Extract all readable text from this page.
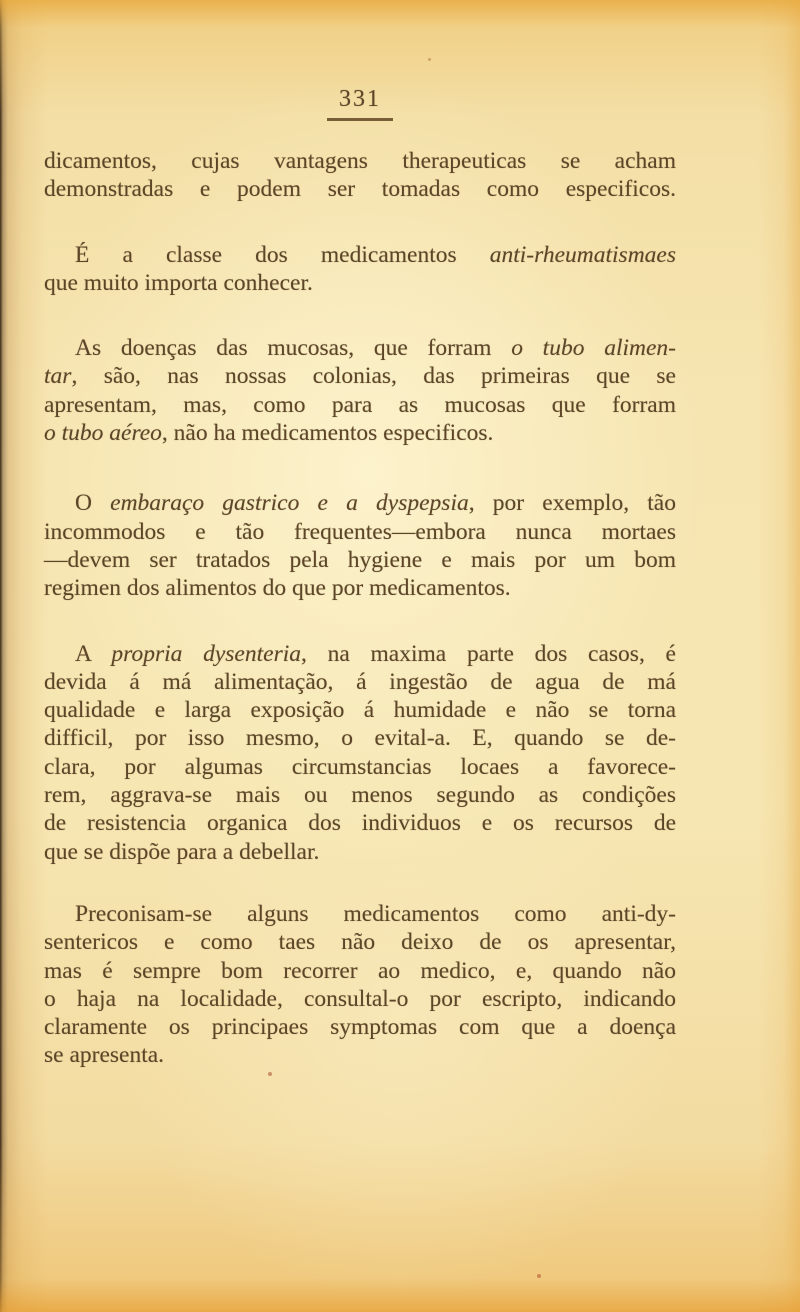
331
dicamentos, cujas vantagens therapeuticas se acham
demonstradas e podem ser tomadas como especificos.
É a classe dos medicamentos anti-rheumatismaes
que muito importa conhecer.
As doenças das mucosas, que forram o tubo alimen-
tar, são, nas nossas colonias, das primeiras que se
apresentam, mas, como para as mucosas que forram
o tubo aéreo, não ha medicamentos especificos.
O embaraço gastrico e a dyspepsia, por exemplo, tão
incommodos e tão frequentes—embora nunca mortaes
—devem ser tratados pela hygiene e mais por um bom
regimen dos alimentos do que por medicamentos.
A propria dysenteria, na maxima parte dos casos, é
devida á má alimentação, á ingestão de agua de má
qualidade e larga exposição á humidade e não se torna
difficil, por isso mesmo, o evital-a. E, quando se de-
clara, por algumas circumstancias locaes a favorece-
rem, aggrava-se mais ou menos segundo as condições
de resistencia organica dos individuos e os recursos de
que se dispõe para a debellar.
Preconisam-se alguns medicamentos como anti-dy-
sentericos e como taes não deixo de os apresentar,
mas é sempre bom recorrer ao medico, e, quando não
o haja na localidade, consultal-o por escripto, indicando
claramente os principaes symptomas com que a doença
se apresenta.
